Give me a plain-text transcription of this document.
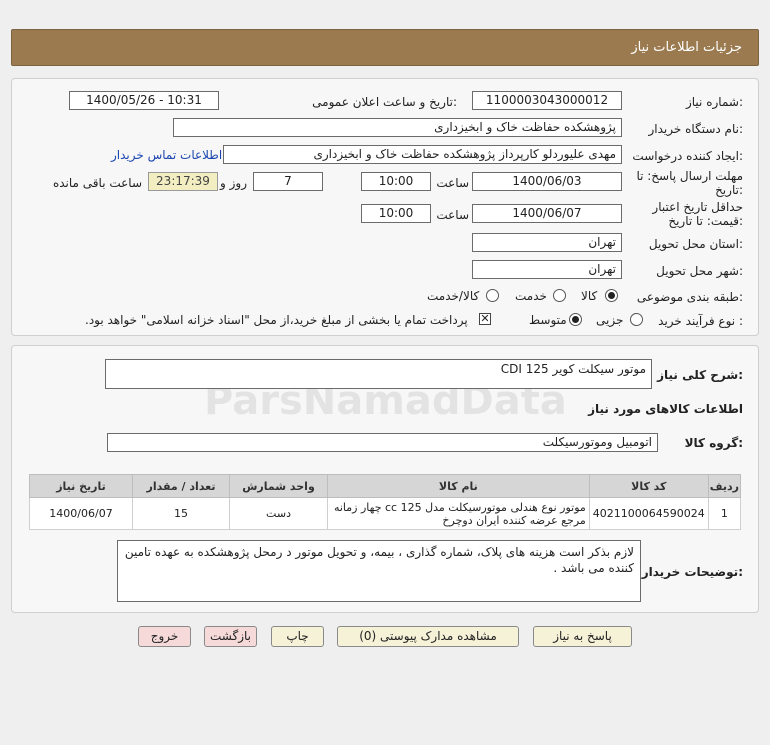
جزئیات اطلاعات نیاز
شماره نیاز:
1100003043000012
تاریخ و ساعت اعلان عمومی:
1400/05/26 - 10:31
نام دستگاه خریدار:
پژوهشکده حفاظت خاک و ابخیزداری
ایجاد کننده درخواست:
مهدی علیوردلو کارپرداز پژوهشکده حفاظت خاک و ابخیزداری
اطلاعات تماس خریدار
مهلت ارسال پاسخ: تا
تاریخ:
1400/06/03
ساعت
10:00
7
روز و
23:17:39
ساعت باقی مانده
حداقل تاریخ اعتبار
قیمت: تا تاریخ:
1400/06/07
ساعت
10:00
استان محل تحویل:
تهران
شهر محل تحویل:
تهران
طبقه بندی موضوعی:
کالا
خدمت
کالا/خدمت
نوع فرآیند خرید :
جزیی
متوسط
✕
پرداخت تمام یا بخشی از مبلغ خرید،از محل "اسناد خزانه اسلامی" خواهد بود.
شرح کلی نیاز:
موتور سیکلت کویر 125 CDI
اطلاعات کالاهای مورد نیاز
گروه کالا:
اتومبیل وموتورسیکلت
ردیف	کد کالا	نام کالا	واحد شمارش	تعداد / مقدار	تاریخ نیاز
1	4021100064590024	موتور نوع هندلی موتورسیکلت مدل 125 cc چهار زمانه مرجع عرضه کننده ایران دوچرخ	دست	15	1400/06/07
توضیحات خریدار:
لازم بذکر است هزینه های پلاک، شماره گذاری ، بیمه، و تحویل موتور د رمحل پژوهشکده به عهده تامین کننده می باشد .
پاسخ به نیاز
مشاهده مدارک پیوستی (0)
چاپ
بازگشت
خروج
